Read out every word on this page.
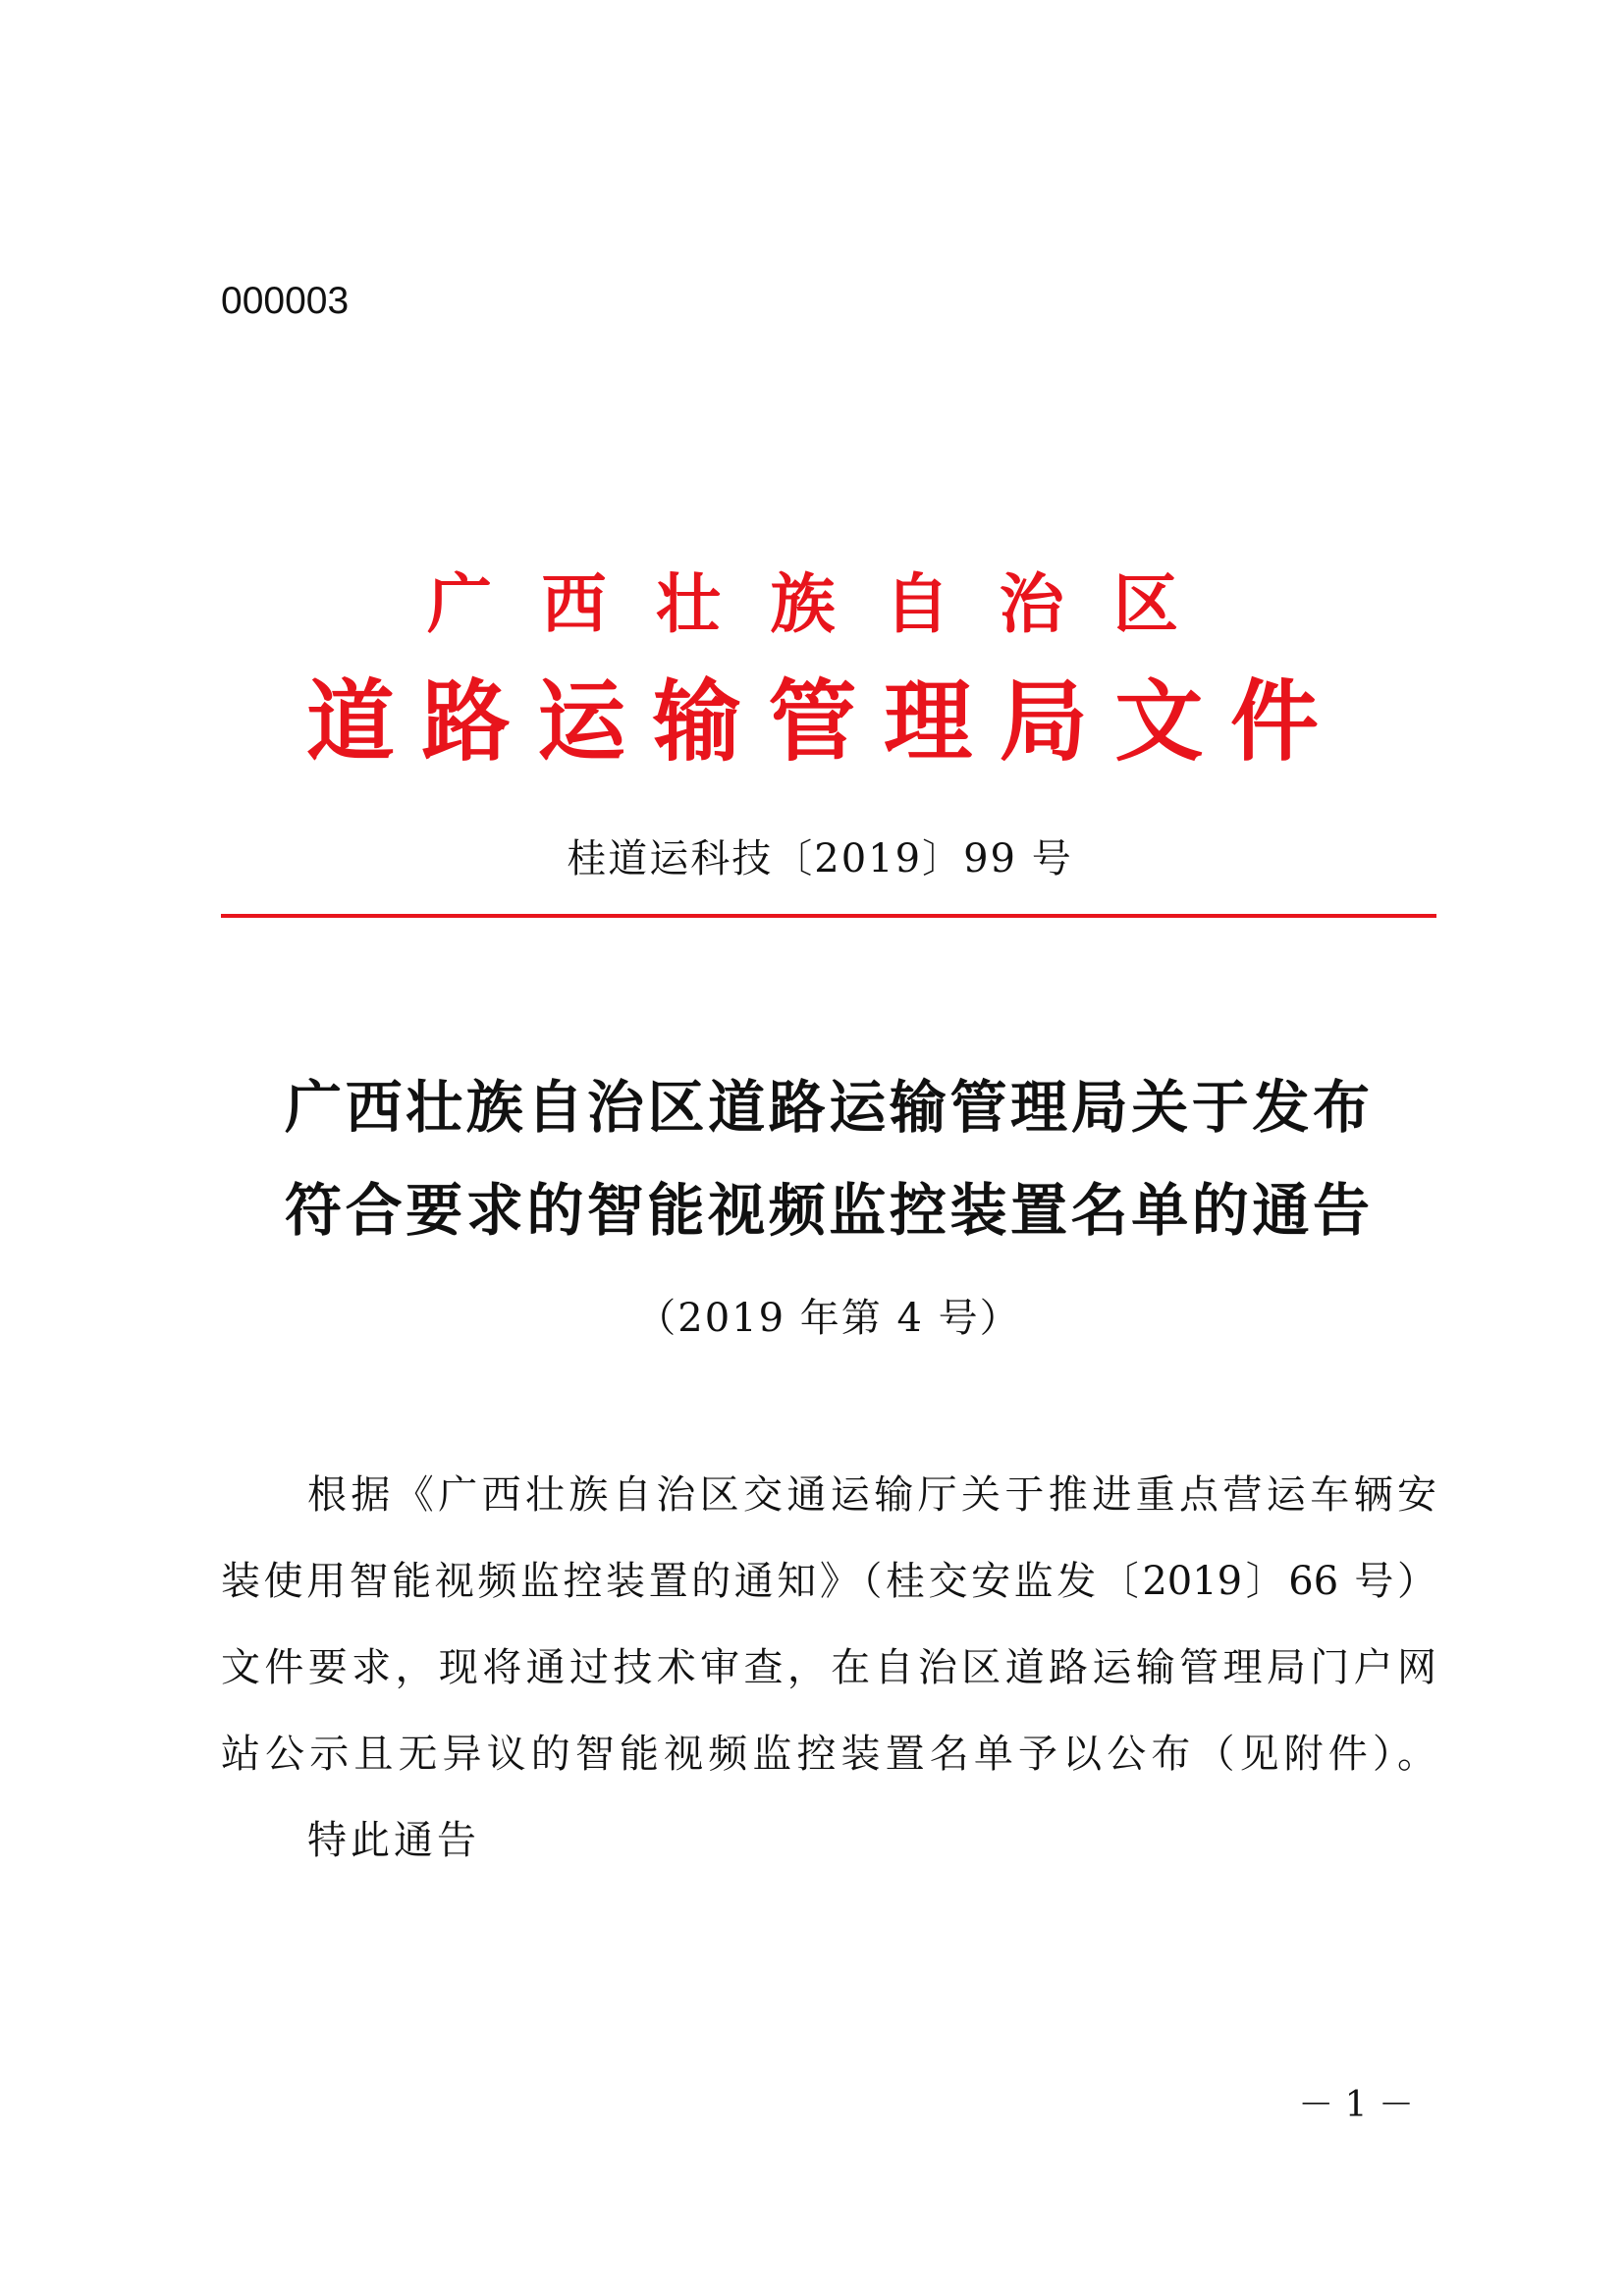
000003
广西壮族自治区
道路运输管理局文件
桂道运科技〔2019〕99 号
广西壮族自治区道路运输管理局关于发布
符合要求的智能视频监控装置名单的通告
（2019 年第 4 号）
根据《广西壮族自治区交通运输厅关于推进重点营运车辆安
装使用智能视频监控装置的通知》（桂交安监发〔2019〕66 号）
文件要求，现将通过技术审查，在自治区道路运输管理局门户网
站公示且无异议的智能视频监控装置名单予以公布（见附件）。
特此通告
－ 1 －
